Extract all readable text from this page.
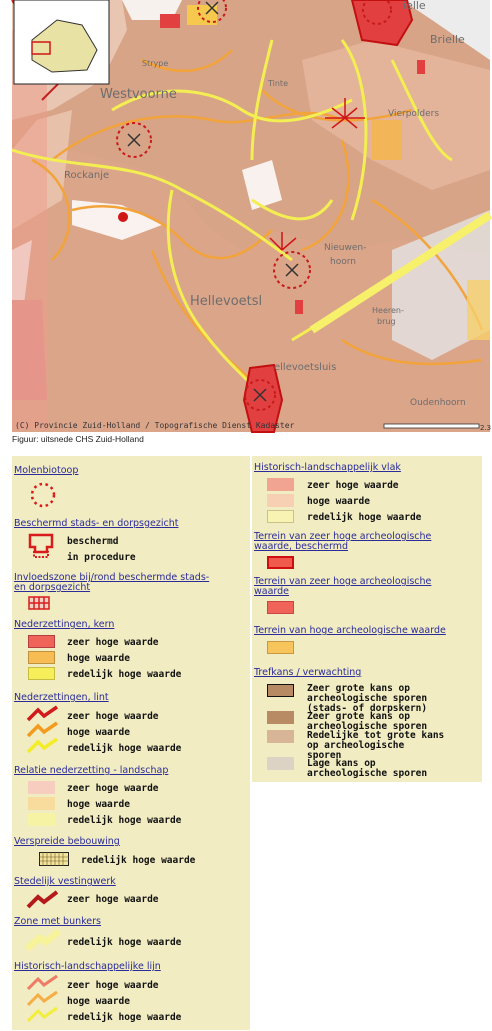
ielle
Brielle
Westvoorne
Rockanje
Strype
Tinte
Vierpolders
Nieuwen-
hoorn
Hellevoetsl
Heeren-
brug
ellevoetsluis
Oudenhoorn
(C) Provincie Zuid-Holland / Topografische Dienst Kadaster	2.3
Figuur: uitsnede CHS Zuid-Holland
Molenbiotoop
Beschermd stads- en dorpsgezicht
beschermd
in procedure
Invloedszone bij/rond beschermde stads-
en dorpsgezicht
Nederzettingen, kern
zeer hoge waarde
hoge waarde
redelijk hoge waarde
Nederzettingen, lint
zeer hoge waarde
hoge waarde
redelijk hoge waarde
Relatie nederzetting - landschap
zeer hoge waarde
hoge waarde
redelijk hoge waarde
Verspreide bebouwing
redelijk hoge waarde
Stedelijk vestingwerk
zeer hoge waarde
Zone met bunkers
redelijk hoge waarde
Historisch-landschappelijke lijn
zeer hoge waarde
hoge waarde
redelijk hoge waarde
Historisch-landschappelijk vlak
zeer hoge waarde
hoge waarde
redelijk hoge waarde
Terrein van zeer hoge archeologische
waarde, beschermd
Terrein van zeer hoge archeologische
waarde
Terrein van hoge archeologische waarde
Trefkans / verwachting
Zeer grote kans op
archeologische sporen
(stads- of dorpskern)
Zeer grote kans op
archeologische sporen
Redelijke tot grote kans
op archeologische
sporen
Lage kans op
archeologische sporen
